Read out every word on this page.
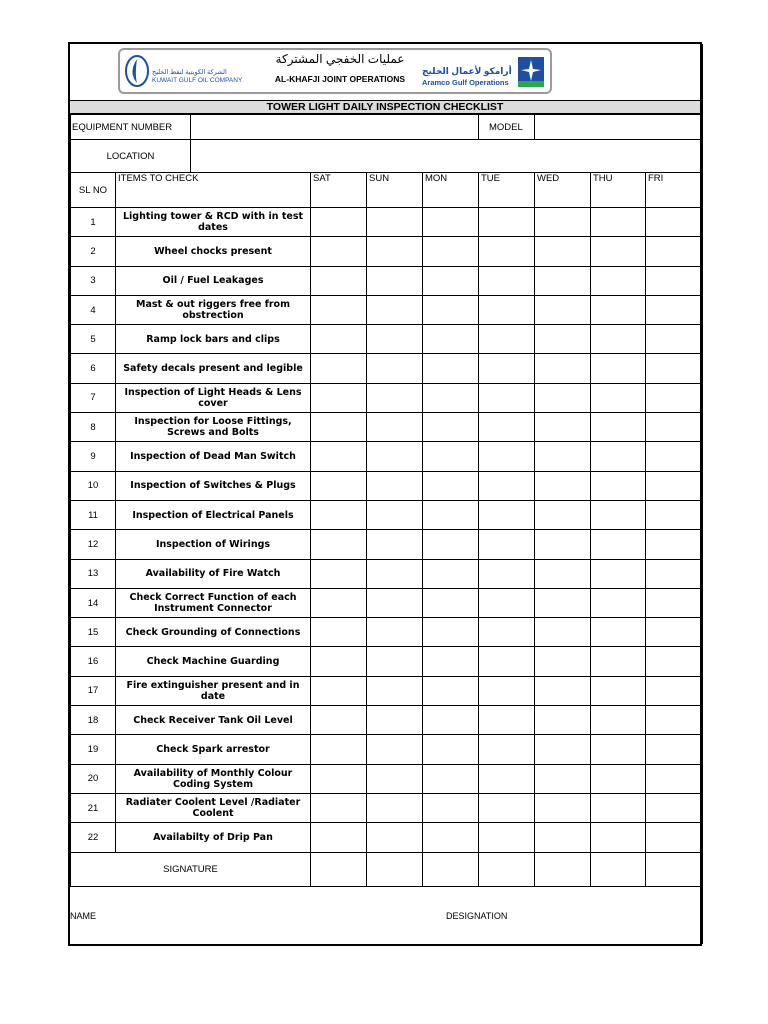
الشركة الكويتية لنفط الخليج
KUWAIT GULF OIL COMPANY
عمليات الخفجي المشتركة
AL-KHAFJI JOINT OPERATIONS
أرامكو لأعمال الخليج
Aramco Gulf Operations
TOWER LIGHT DAILY INSPECTION CHECKLIST
EQUIPMENT NUMBER						MODEL			
LOCATION									
SL NO	ITEMS TO CHECK		SAT	SUN	MON	TUE	WED	THU	FRI
1	Lighting tower & RCD with in test dates								
2	Wheel chocks present								
3	Oil / Fuel Leakages								
4	Mast & out riggers free from obstrection								
5	Ramp lock bars and clips								
6	Safety decals present and legible								
7	Inspection of Light Heads & Lens cover								
8	Inspection for Loose Fittings, Screws and Bolts								
9	Inspection of Dead Man Switch								
10	Inspection of Switches & Plugs								
11	Inspection of Electrical Panels								
12	Inspection of Wirings								
13	Availability of Fire Watch								
14	Check Correct Function of each Instrument Connector								
15	Check Grounding of Connections								
16	Check Machine Guarding								
17	Fire extinguisher present and in date								
18	Check Receiver Tank Oil Level								
19	Check Spark arrestor								
20	Availability of Monthly Colour Coding System								
21	Radiater Coolent Level /Radiater Coolent								
22	Availabilty of Drip Pan								
SIGNATURE									
NAME	DESIGNATION
